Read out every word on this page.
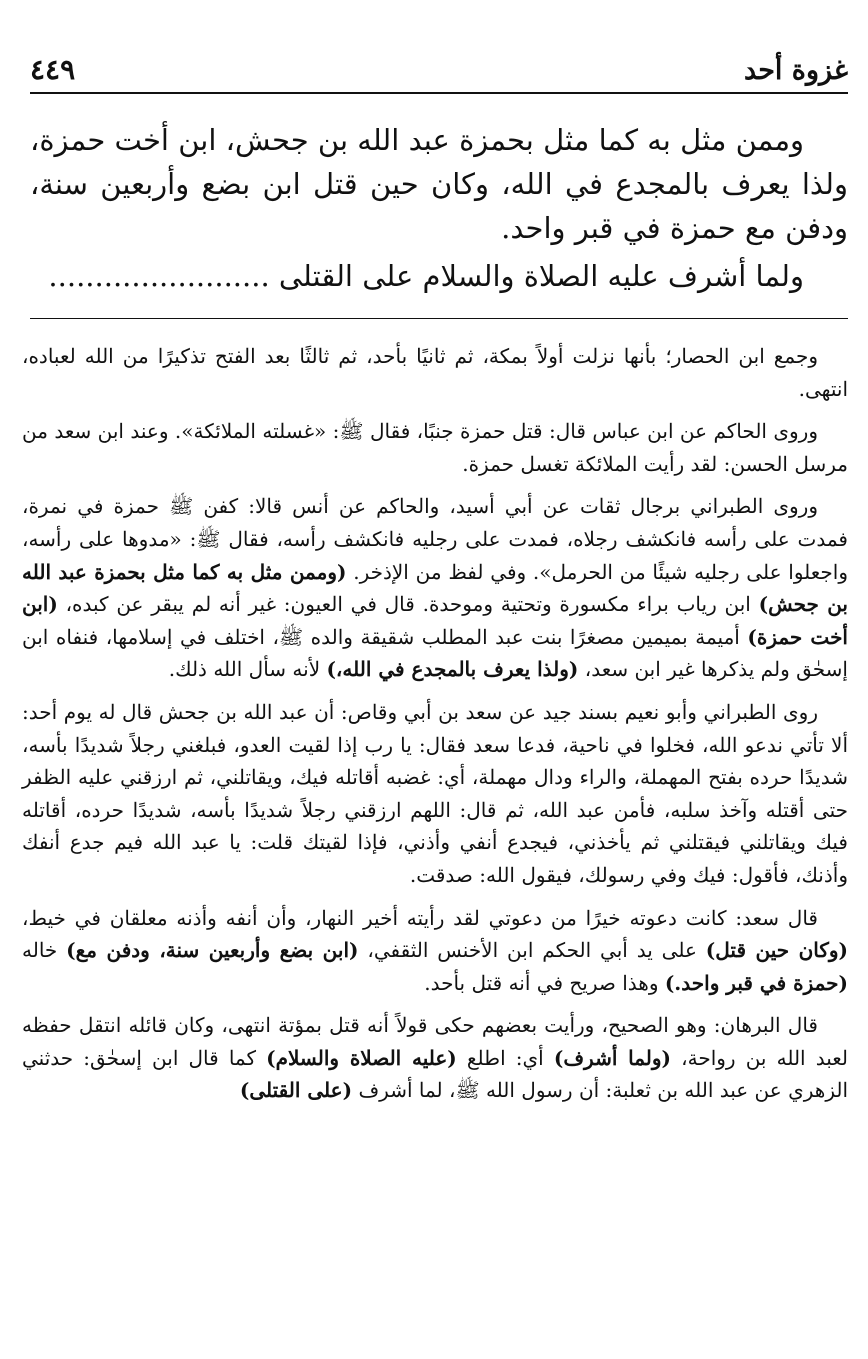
٤٤٩	غزوة أحد

وممن مثل به كما مثل بحمزة عبد الله بن جحش، ابن أخت حمزة، ولذا يعرف بالمجدع في الله، وكان حين قتل ابن بضع وأربعين سنة، ودفن مع حمزة في قبر واحد.

ولما أشرف عليه الصلاة والسلام على القتلى ........................

وجمع ابن الحصار؛ بأنها نزلت أولاً بمكة، ثم ثانيًا بأحد، ثم ثالثًا بعد الفتح تذكيرًا من الله لعباده، انتهى.

وروى الحاكم عن ابن عباس قال: قتل حمزة جنبًا، فقال ﷺ: «غسلته الملائكة». وعند ابن سعد من مرسل الحسن: لقد رأيت الملائكة تغسل حمزة.

وروى الطبراني برجال ثقات عن أبي أسيد، والحاكم عن أنس قالا: كفن ﷺ حمزة في نمرة، فمدت على رأسه فانكشف رجلاه، فمدت على رجليه فانكشف رأسه، فقال ﷺ: «مدوها على رأسه، واجعلوا على رجليه شيئًا من الحرمل». وفي لفظ من الإذخر. (وممن مثل به كما مثل بحمزة عبد الله بن جحش) ابن رياب براء مكسورة وتحتية وموحدة. قال في العيون: غير أنه لم يبقر عن كبده، (ابن أخت حمزة) أميمة بميمين مصغرًا بنت عبد المطلب شقيقة والده ﷺ، اختلف في إسلامها، فنفاه ابن إسحٰق ولم يذكرها غير ابن سعد، (ولذا يعرف بالمجدع في الله،) لأنه سأل الله ذلك.

روى الطبراني وأبو نعيم بسند جيد عن سعد بن أبي وقاص: أن عبد الله بن جحش قال له يوم أحد: ألا تأتي ندعو الله، فخلوا في ناحية، فدعا سعد فقال: يا رب إذا لقيت العدو، فبلغني رجلاً شديدًا بأسه، شديدًا حرده بفتح المهملة، والراء ودال مهملة، أي: غضبه أقاتله فيك، ويقاتلني، ثم ارزقني عليه الظفر حتى أقتله وآخذ سلبه، فأمن عبد الله، ثم قال: اللهم ارزقني رجلاً شديدًا بأسه، شديدًا حرده، أقاتله فيك ويقاتلني فيقتلني ثم يأخذني، فيجدع أنفي وأذني، فإذا لقيتك قلت: يا عبد الله فيم جدع أنفك وأذنك، فأقول: فيك وفي رسولك، فيقول الله: صدقت.

قال سعد: كانت دعوته خيرًا من دعوتي لقد رأيته أخير النهار، وأن أنفه وأذنه معلقان في خيط، (وكان حين قتل) على يد أبي الحكم ابن الأخنس الثقفي، (ابن بضع وأربعين سنة، ودفن مع) خاله (حمزة في قبر واحد.) وهذا صريح في أنه قتل بأحد.

قال البرهان: وهو الصحيح، ورأيت بعضهم حكى قولاً أنه قتل بمؤتة انتهى، وكان قائله انتقل حفظه لعبد الله بن رواحة، (ولما أشرف) أي: اطلع (عليه الصلاة والسلام) كما قال ابن إسحٰق: حدثني الزهري عن عبد الله بن ثعلبة: أن رسول الله ﷺ، لما أشرف (على القتلى)
